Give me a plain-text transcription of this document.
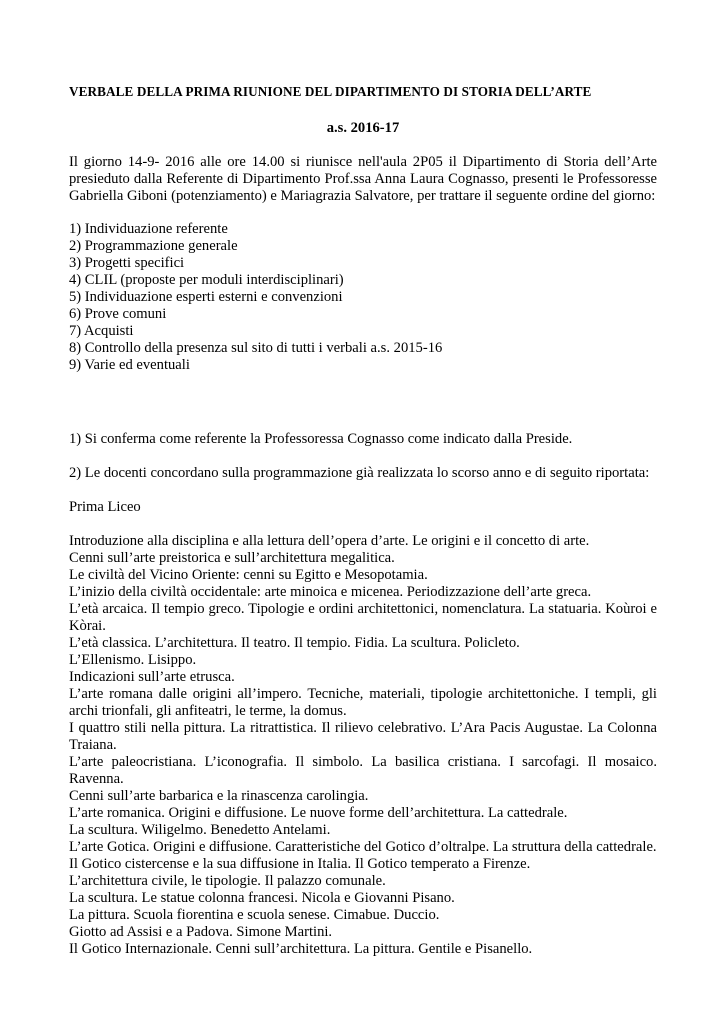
VERBALE DELLA PRIMA RIUNIONE DEL DIPARTIMENTO DI STORIA DELL’ARTE

a.s. 2016-17

Il giorno 14-9- 2016 alle ore 14.00 si riunisce nell'aula 2P05 il Dipartimento di Storia dell’Arte presieduto dalla Referente di Dipartimento Prof.ssa Anna Laura Cognasso, presenti le Professoresse Gabriella Giboni (potenziamento) e Mariagrazia Salvatore, per trattare il seguente ordine del giorno:

1) Individuazione referente
2) Programmazione generale
3) Progetti specifici
4) CLIL (proposte per moduli interdisciplinari)
5) Individuazione esperti esterni e convenzioni
6) Prove comuni
7) Acquisti
8) Controllo della presenza sul sito di tutti i verbali a.s. 2015-16
9) Varie ed eventuali

1) Si conferma come referente la Professoressa Cognasso come indicato dalla Preside.

2) Le docenti concordano sulla programmazione già realizzata lo scorso anno e di seguito riportata:

Prima Liceo

Introduzione alla disciplina e alla lettura dell’opera d’arte. Le origini e il concetto di arte.
Cenni sull’arte preistorica e sull’architettura megalitica.
Le civiltà del Vicino Oriente: cenni su Egitto e Mesopotamia.
L’inizio della civiltà occidentale: arte minoica e micenea. Periodizzazione dell’arte greca.
L’età arcaica. Il tempio greco. Tipologie e ordini architettonici, nomenclatura. La statuaria. Koùroi e Kòrai.
L’età classica. L’architettura. Il teatro. Il tempio. Fidia. La scultura. Policleto.
L’Ellenismo. Lisippo.
Indicazioni sull’arte etrusca.
L’arte romana dalle origini all’impero. Tecniche, materiali, tipologie architettoniche. I templi, gli archi trionfali, gli anfiteatri, le terme, la domus.
I quattro stili nella pittura. La ritrattistica. Il rilievo celebrativo. L’Ara Pacis Augustae. La Colonna Traiana.
L’arte paleocristiana. L’iconografia. Il simbolo. La basilica cristiana. I sarcofagi. Il mosaico. Ravenna.
Cenni sull’arte barbarica e la rinascenza carolingia.
L’arte romanica. Origini e diffusione. Le nuove forme dell’architettura. La cattedrale.
La scultura. Wiligelmo. Benedetto Antelami.
L’arte Gotica. Origini e diffusione. Caratteristiche del Gotico d’oltralpe. La struttura della cattedrale.
Il Gotico cistercense e la sua diffusione in Italia. Il Gotico temperato a Firenze.
L’architettura civile, le tipologie. Il palazzo comunale.
La scultura. Le statue colonna francesi. Nicola e Giovanni Pisano.
La pittura. Scuola fiorentina e scuola senese. Cimabue. Duccio.
Giotto ad Assisi e a Padova. Simone Martini.
Il Gotico Internazionale. Cenni sull’architettura. La pittura. Gentile e Pisanello.
